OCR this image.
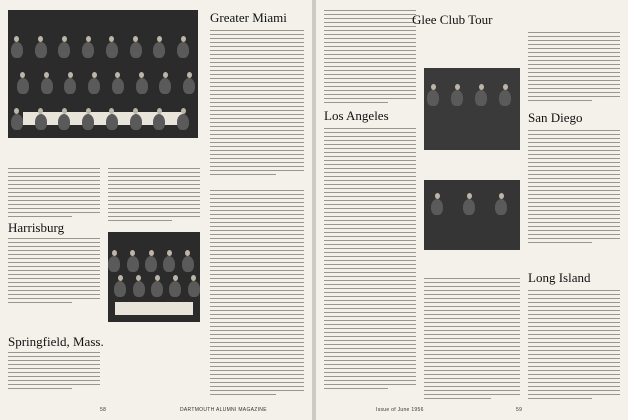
Harrisburg
Springfield, Mass.
Greater Miami
58	DARTMOUTH ALUMNI MAGAZINE
Los Angeles
Glee Club Tour
San Diego
Long Island
Issue of June 1956	59
